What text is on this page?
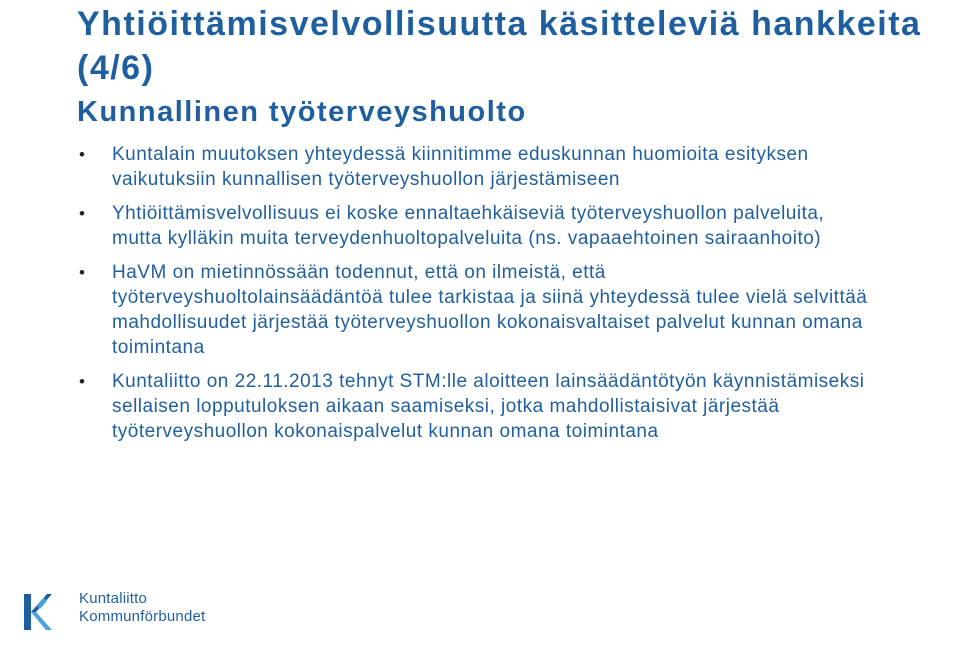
Yhtiöittämisvelvollisuutta käsitteleviä hankkeita (4/6)
Kunnallinen työterveyshuolto
• Kuntalain muutoksen yhteydessä kiinnitimme eduskunnan huomioita esityksen vaikutuksiin kunnallisen työterveyshuollon järjestämiseen
• Yhtiöittämisvelvollisuus ei koske ennaltaehkäiseviä työterveyshuollon palveluita, mutta kylläkin muita terveydenhuoltopalveluita (ns. vapaaehtoinen sairaanhoito)
• HaVM on mietinnössään todennut, että on ilmeistä, että työterveyshuoltolainsäädäntöä tulee tarkistaa ja siinä yhteydessä tulee vielä selvittää mahdollisuudet järjestää työterveyshuollon kokonaisvaltaiset palvelut kunnan omana toimintana
• Kuntaliitto on 22.11.2013 tehnyt STM:lle aloitteen lainsäädäntötyön käynnistämiseksi sellaisen lopputuloksen aikaan saamiseksi, jotka mahdollistaisivat järjestää työterveyshuollon kokonaispalvelut kunnan omana toimintana
Kuntaliitto
Kommunförbundet
